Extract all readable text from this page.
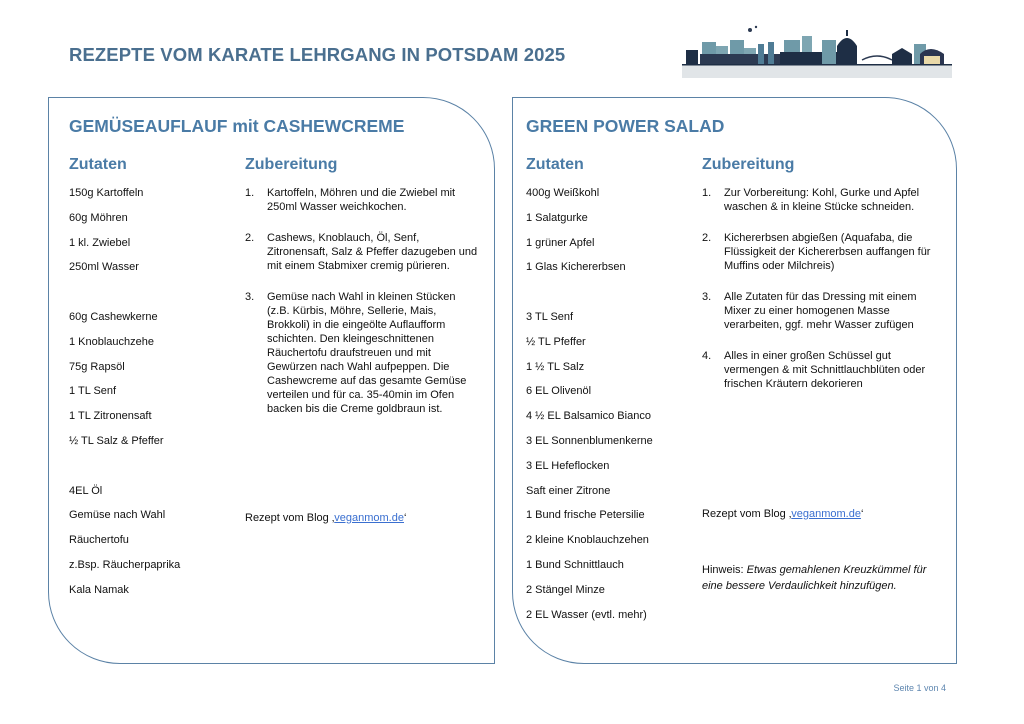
REZEPTE VOM KARATE LEHRGANG IN POTSDAM 2025
GEMÜSEAUFLAUF mit CASHEWCREME
Zutaten	Zubereitung
150g Kartoffeln
60g Möhren
1 kl. Zwiebel
250ml Wasser
60g Cashewkerne
1 Knoblauchzehe
75g Rapsöl
1 TL Senf
1 TL Zitronensaft
½ TL Salz & Pfeffer
4EL Öl
Gemüse nach Wahl
Räuchertofu
z.Bsp. Räucherpaprika
Kala Namak
1. Kartoffeln, Möhren und die Zwiebel mit 250ml Wasser weichkochen.
2. Cashews, Knoblauch, Öl, Senf, Zitronensaft, Salz & Pfeffer dazugeben und mit einem Stabmixer cremig pürieren.
3. Gemüse nach Wahl in kleinen Stücken (z.B. Kürbis, Möhre, Sellerie, Mais, Brokkoli) in die eingeölte Auflaufform schichten. Den kleingeschnittenen Räuchertofu draufstreuen und mit Gewürzen nach Wahl aufpeppen. Die Cashewcreme auf das gesamte Gemüse verteilen und für ca. 35-40min im Ofen backen bis die Creme goldbraun ist.
Rezept vom Blog ‚veganmom.de‘
GREEN POWER SALAD
Zutaten	Zubereitung
400g Weißkohl
1 Salatgurke
1 grüner Apfel
1 Glas Kichererbsen
3 TL Senf
½ TL Pfeffer
1 ½ TL Salz
6 EL Olivenöl
4 ½ EL Balsamico Bianco
3 EL Sonnenblumenkerne
3 EL Hefeflocken
Saft einer Zitrone
1 Bund frische Petersilie
2 kleine Knoblauchzehen
1 Bund Schnittlauch
2 Stängel Minze
2 EL Wasser (evtl. mehr)
1. Zur Vorbereitung: Kohl, Gurke und Apfel waschen & in kleine Stücke schneiden.
2. Kichererbsen abgießen (Aquafaba, die Flüssigkeit der Kichererbsen auffangen für Muffins oder Milchreis)
3. Alle Zutaten für das Dressing mit einem Mixer zu einer homogenen Masse verarbeiten, ggf. mehr Wasser zufügen
4. Alles in einer großen Schüssel gut vermengen & mit Schnittlauchblüten oder frischen Kräutern dekorieren
Rezept vom Blog ‚veganmom.de‘
Hinweis: Etwas gemahlenen Kreuzkümmel für eine bessere Verdaulichkeit hinzufügen.
Seite 1 von 4
